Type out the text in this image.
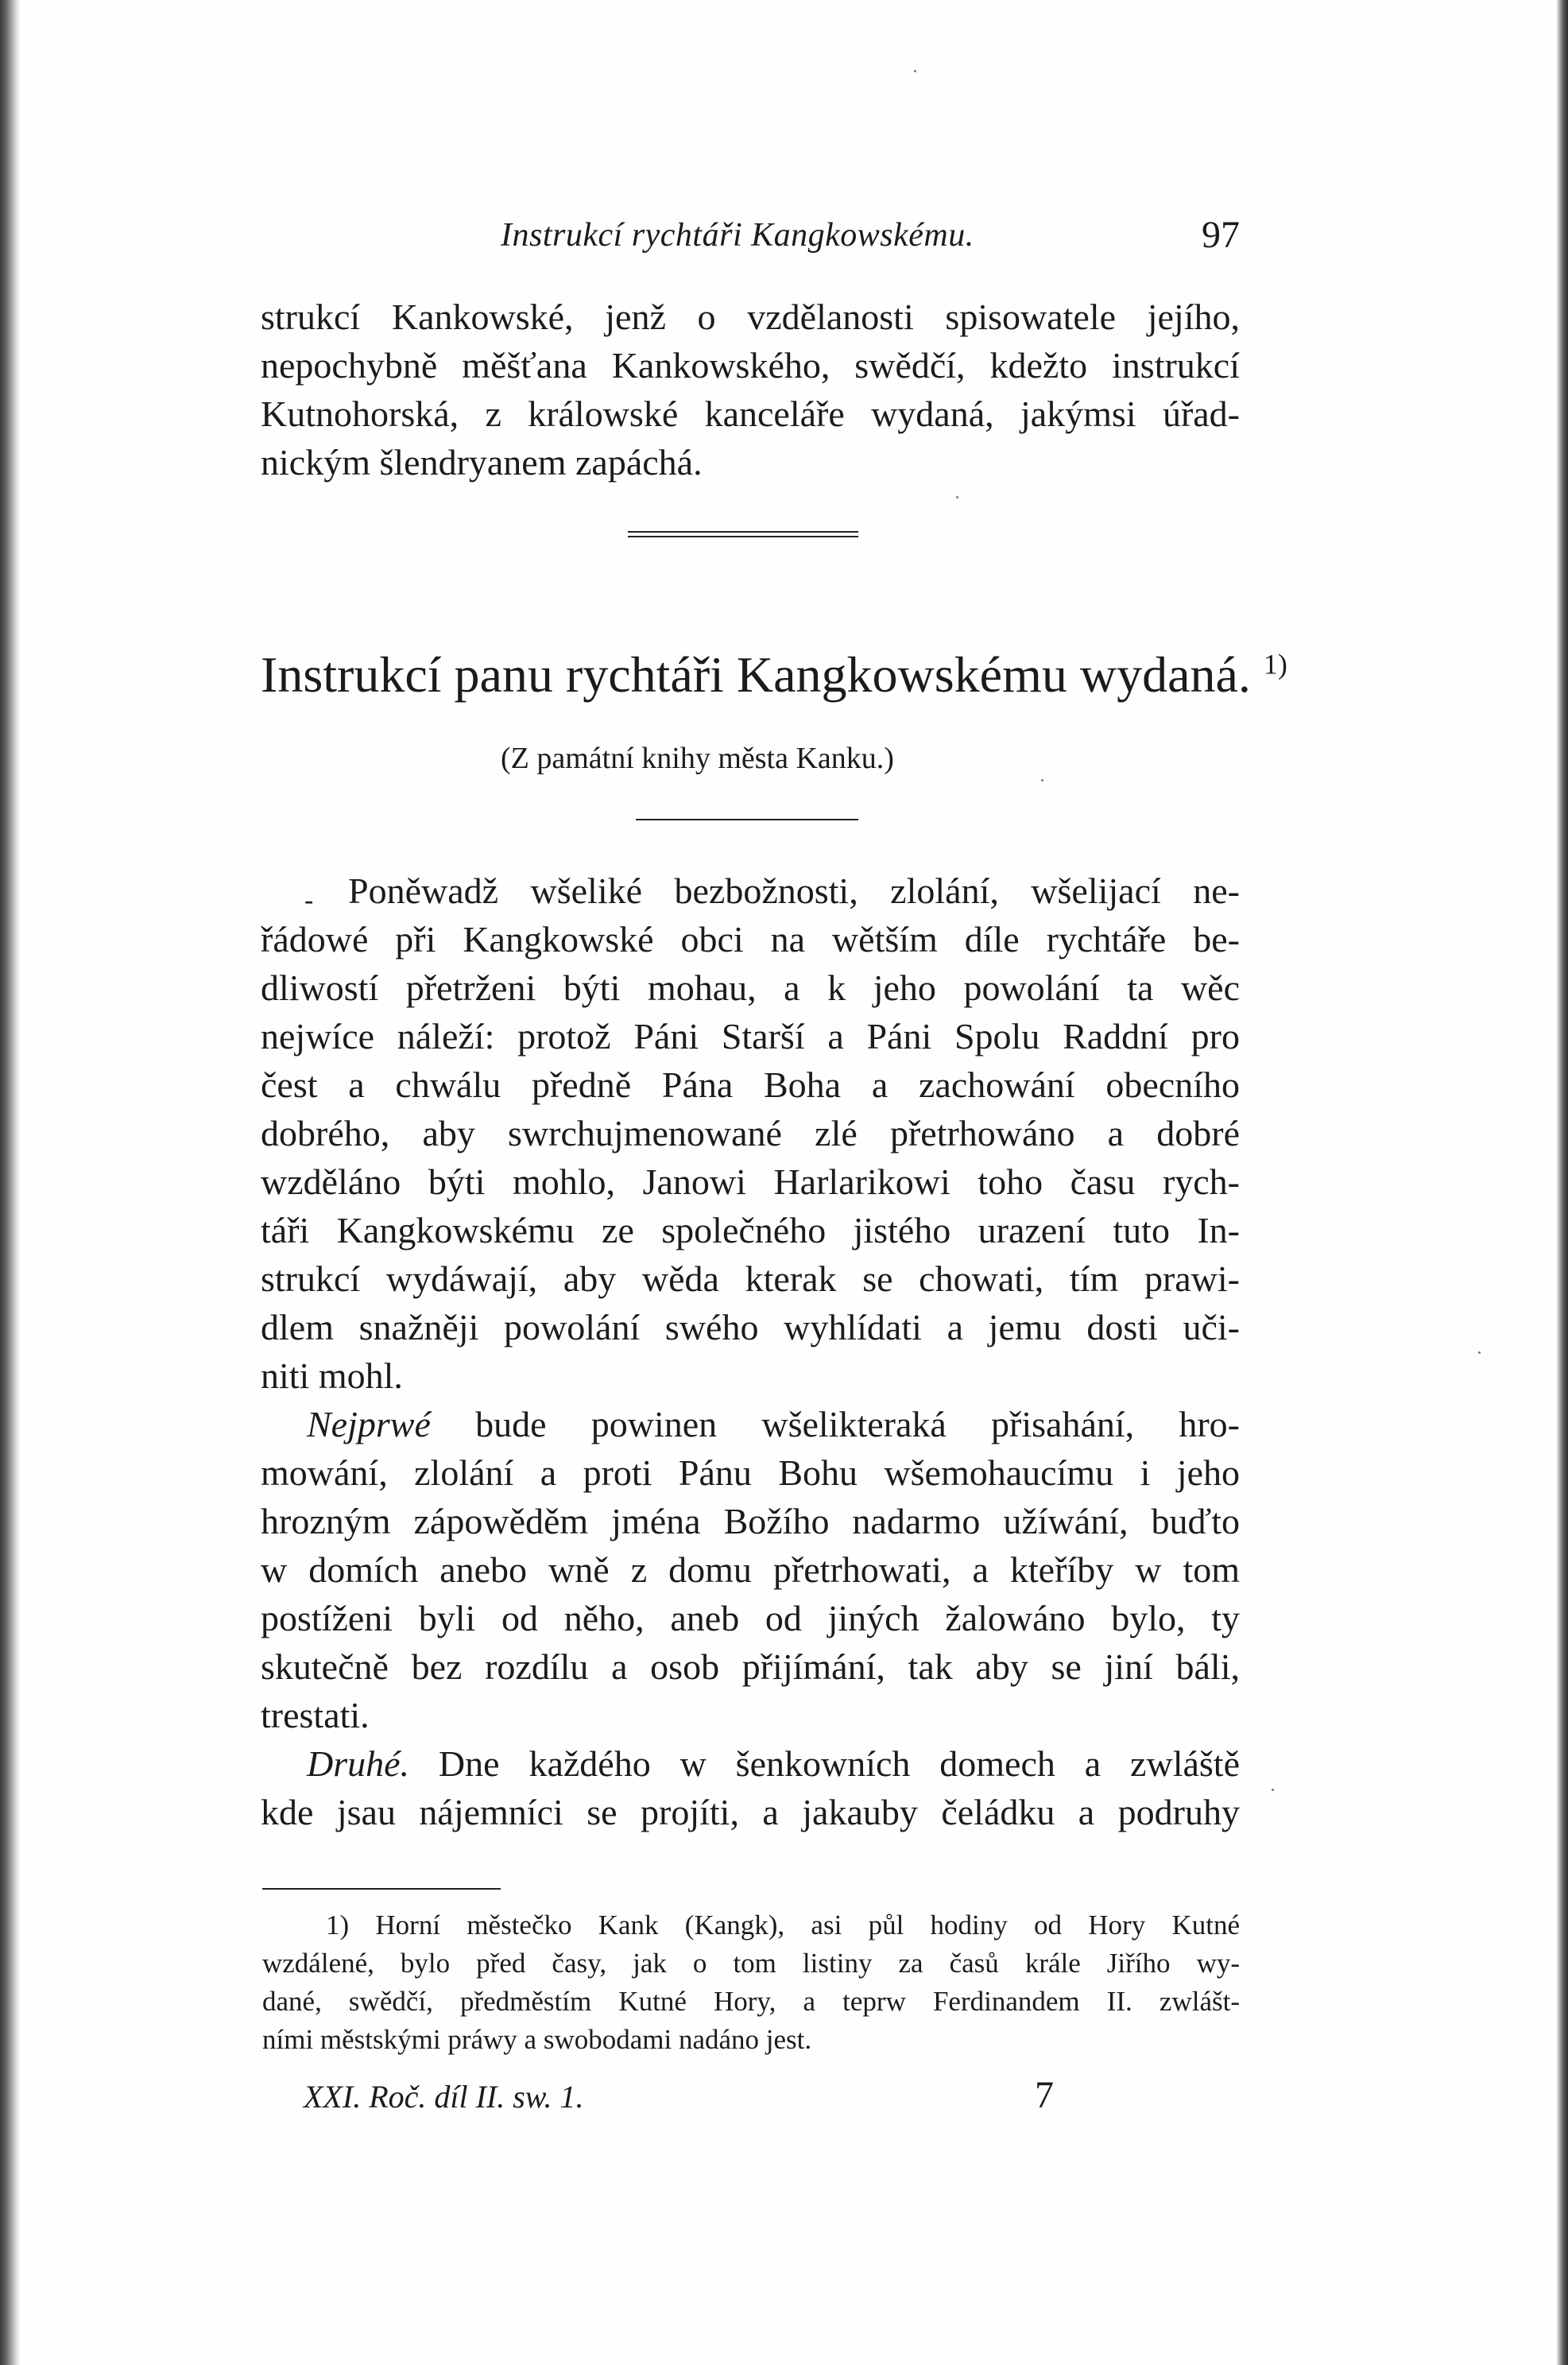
Instrukcí rychtáři Kangkowskému.	97
strukcí Kankowské, jenž o vzdělanosti spisowatele jejího,
nepochybně měšťana Kankowského, swědčí, kdežto instrukcí
Kutnohorská, z králowské kanceláře wydaná, jakýmsi úřad-
nickým šlendryanem zapáchá.
Instrukcí panu rychtáři Kangkowskému wydaná. $^{1)}$
(Z památní knihy města Kanku.)
- Poněwadž wšeliké bezbožnosti, zlolání, wšelijací ne-
řádowé při Kangkowské obci na wětším díle rychtáře be-
dliwostí přetrženi býti mohau, a k jeho powolání ta wěc
nejwíce náleží: protož Páni Starší a Páni Spolu Raddní pro
čest a chwálu předně Pána Boha a zachowání obecního
dobrého, aby swrchujmenowané zlé přetrhowáno a dobré
wzděláno býti mohlo, Janowi Harlarikowi toho času rych-
táři Kangkowskému ze společného jistého urazení tuto In-
strukcí wydáwají, aby wěda kterak se chowati, tím prawi-
dlem snažněji powolání swého wyhlídati a jemu dosti uči-
niti mohl.
Nejprwé bude powinen wšelikteraká přisahání, hro-
mowání, zlolání a proti Pánu Bohu wšemohaucímu i jeho
hrozným zápowěděm jména Božího nadarmo užíwání, buďto
w domích anebo wně z domu přetrhowati, a kteříby w tom
postíženi byli od něho, aneb od jiných žalowáno bylo, ty
skutečně bez rozdílu a osob přijímání, tak aby se jiní báli,
trestati.
Druhé. Dne každého w šenkowních domech a zwláště
kde jsau nájemníci se projíti, a jakauby čeládku a podruhy
1) Horní městečko Kank (Kangk), asi půl hodiny od Hory Kutné
wzdálené, bylo před časy, jak o tom listiny za časů krále Jiřího wy-
dané, swědčí, předměstím Kutné Hory, a teprw Ferdinandem II. zwlášt-
ními městskými práwy a swobodami nadáno jest.
XXI. Roč. díl II. sw. 1.	7
